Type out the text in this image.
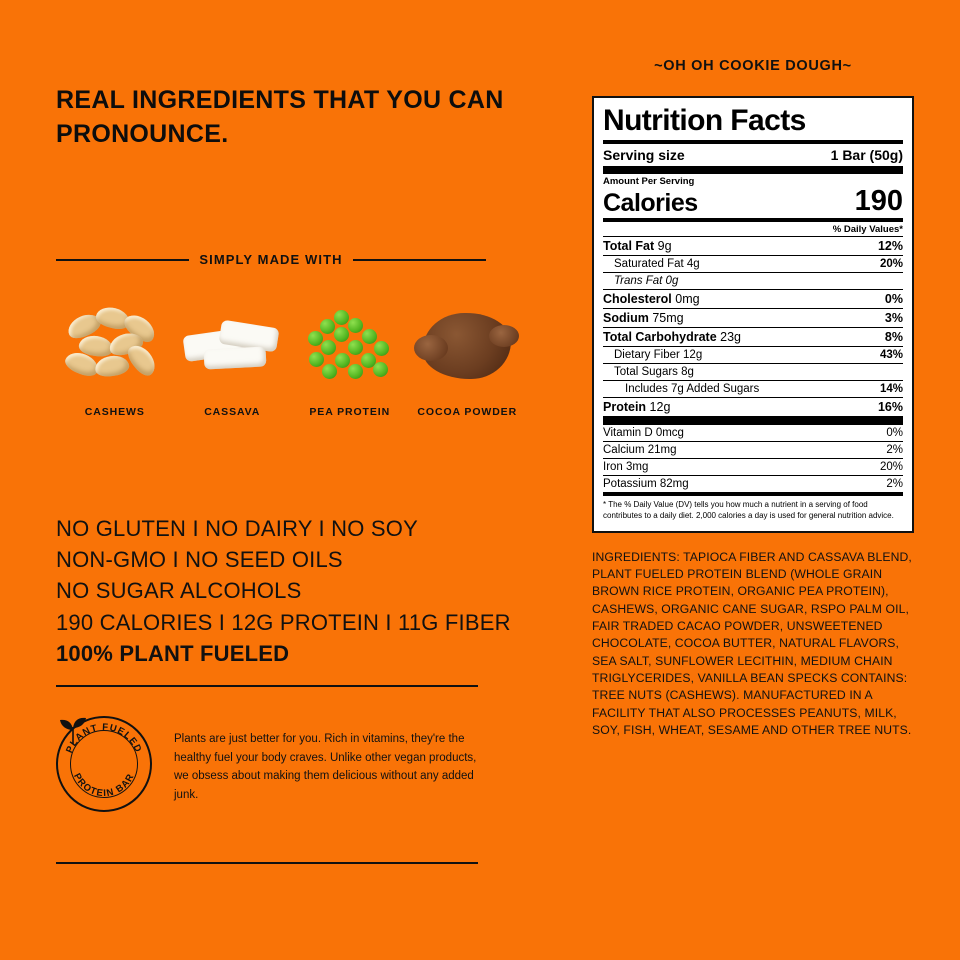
REAL INGREDIENTS THAT YOU CAN PRONOUNCE.
SIMPLY MADE WITH
CASHEWS	CASSAVA	PEA PROTEIN	COCOA POWDER
NO GLUTEN I NO DAIRY I NO SOY
NON-GMO I NO SEED OILS
NO SUGAR ALCOHOLS
190 CALORIES I 12G PROTEIN I 11G FIBER
100% PLANT FUELED
PLANT FUELED
PROTEIN BAR
Plants are just better for you. Rich in vitamins, they're the healthy fuel your body craves. Unlike other vegan products, we obsess about making them delicious without any added junk.
~OH OH COOKIE DOUGH~
Nutrition Facts
Serving size	1 Bar (50g)
Amount Per Serving
Calories	190
% Daily Values*
Total Fat 9g	12%
Saturated Fat 4g	20%
Trans Fat 0g
Cholesterol 0mg	0%
Sodium 75mg	3%
Total Carbohydrate 23g	8%
Dietary Fiber 12g	43%
Total Sugars 8g
Includes 7g Added Sugars	14%
Protein 12g	16%
Vitamin D 0mcg	0%
Calcium 21mg	2%
Iron 3mg	20%
Potassium 82mg	2%
* The % Daily Value (DV) tells you how much a nutrient in a serving of food contributes to a daily diet. 2,000 calories a day is used for general nutrition advice.
INGREDIENTS: TAPIOCA FIBER AND CASSAVA BLEND, PLANT FUELED PROTEIN BLEND (WHOLE GRAIN BROWN RICE PROTEIN, ORGANIC PEA PROTEIN), CASHEWS, ORGANIC CANE SUGAR, RSPO PALM OIL, FAIR TRADED CACAO POWDER, UNSWEETENED CHOCOLATE, COCOA BUTTER, NATURAL FLAVORS, SEA SALT, SUNFLOWER LECITHIN, MEDIUM CHAIN TRIGLYCERIDES, VANILLA BEAN SPECKS CONTAINS: TREE NUTS (CASHEWS). MANUFACTURED IN A FACILITY THAT ALSO PROCESSES PEANUTS, MILK, SOY, FISH, WHEAT, SESAME AND OTHER TREE NUTS.
